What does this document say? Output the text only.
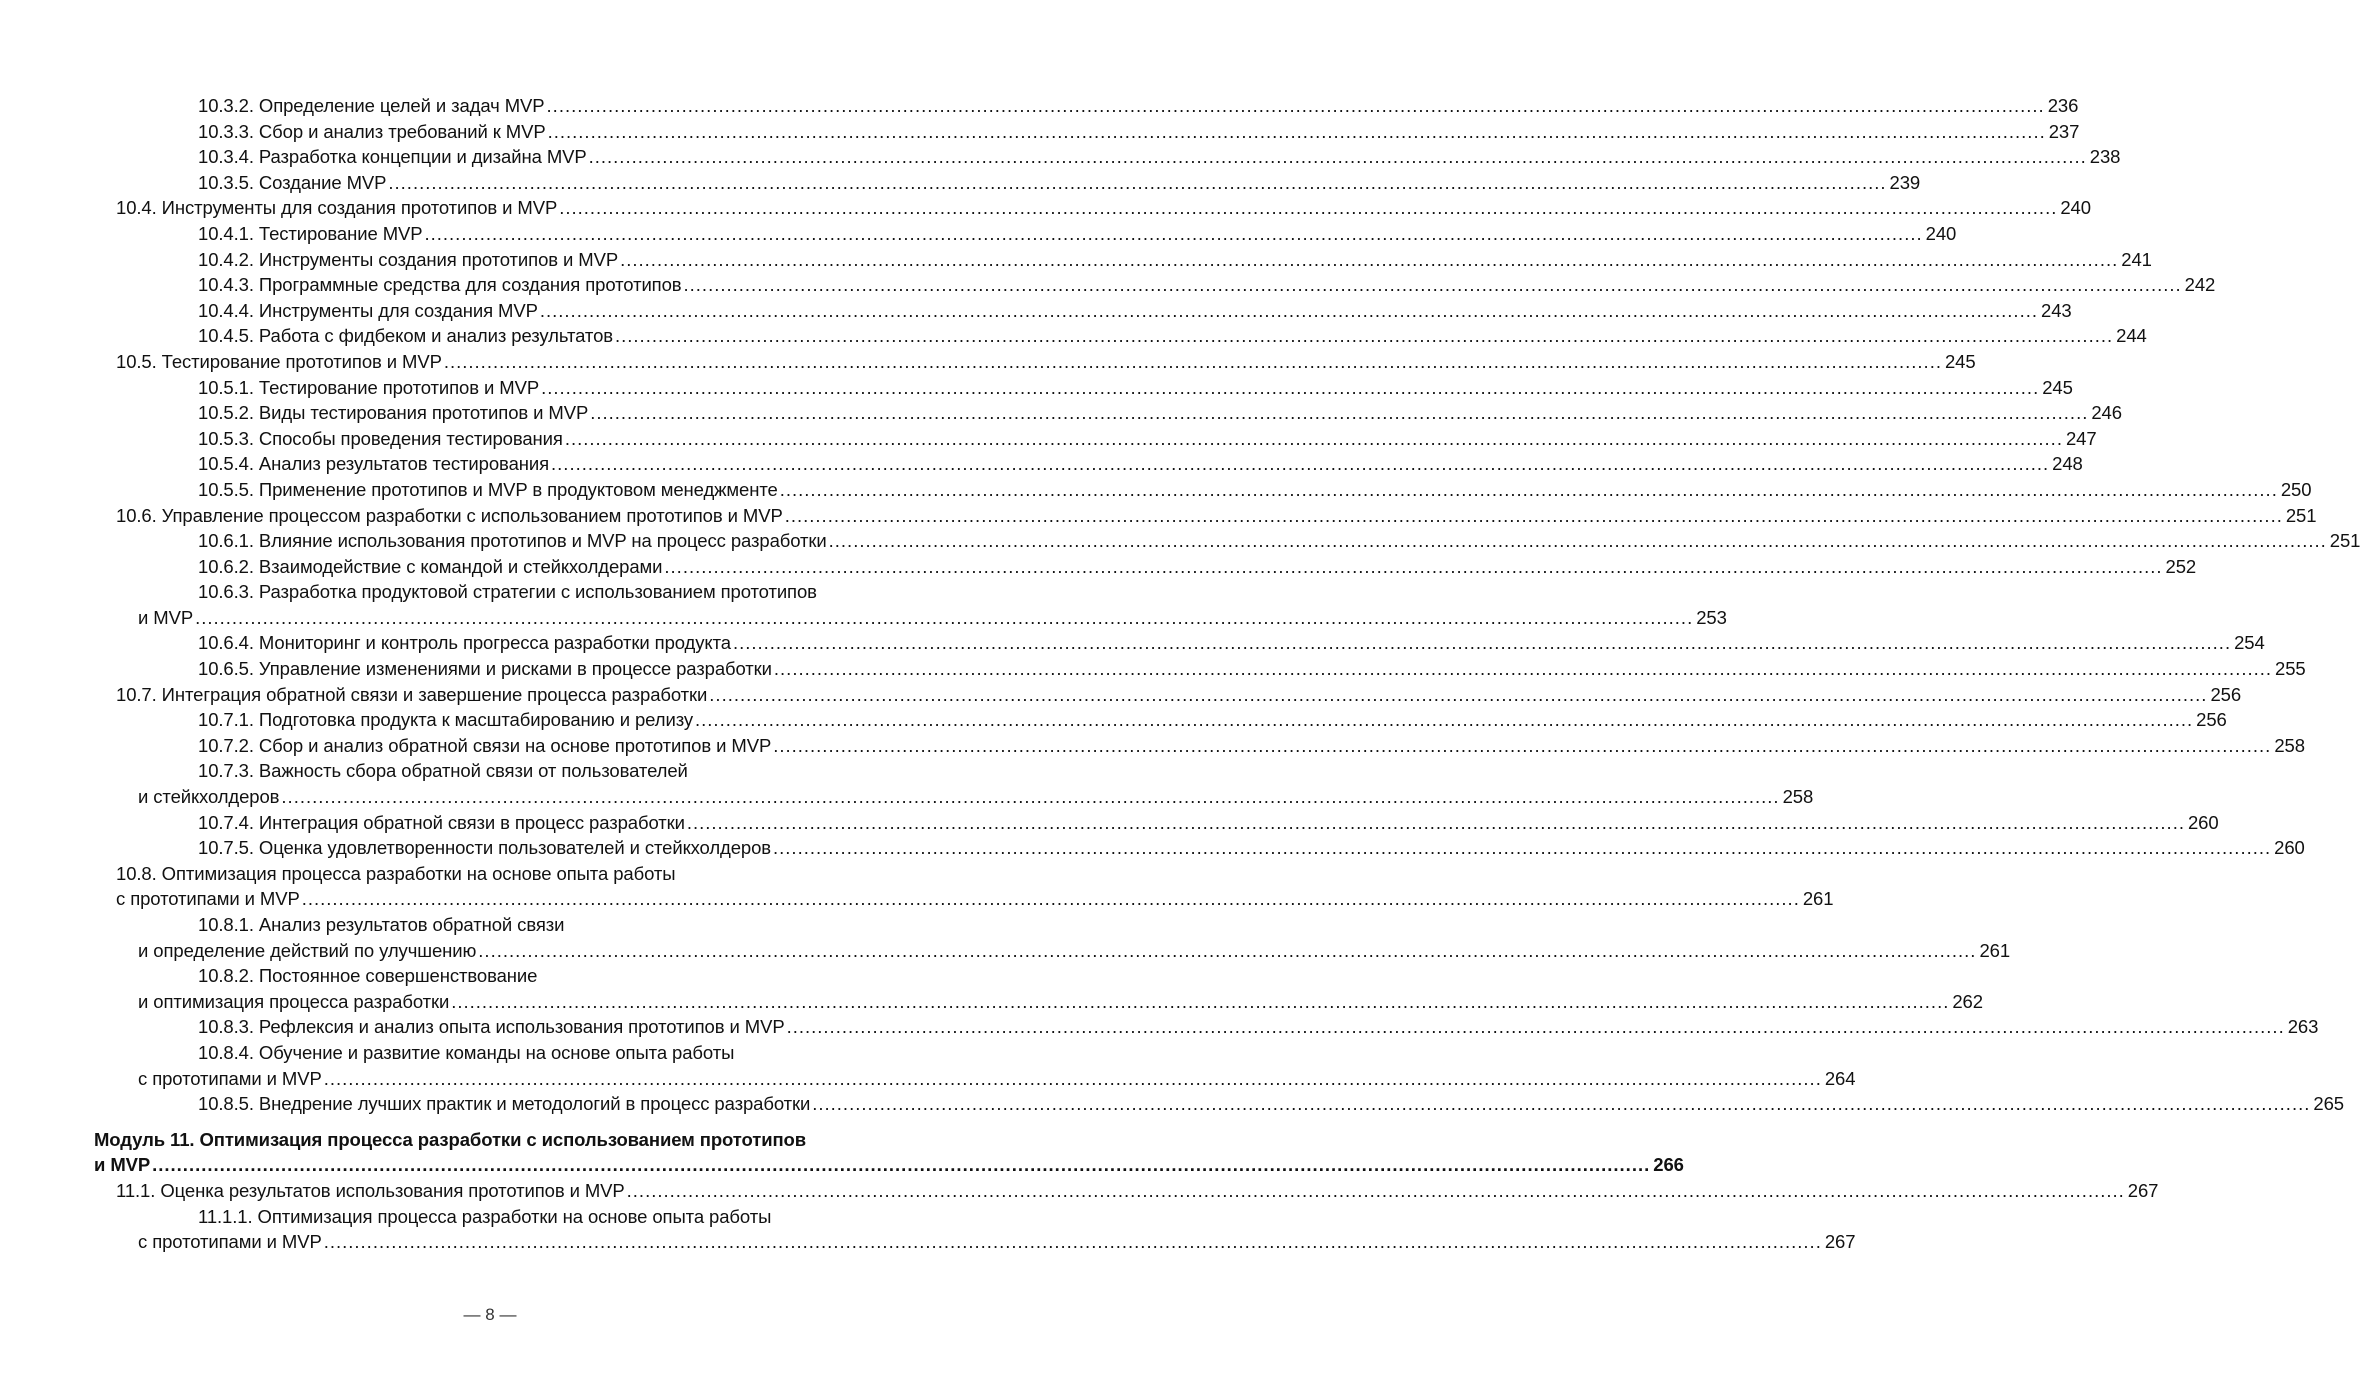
10.3.2. Определение целей и задач MVP .....	236
10.3.3. Сбор и анализ требований к MVP .....	237
10.3.4. Разработка концепции и дизайна MVP .....	238
10.3.5. Создание MVP .....	239
10.4. Инструменты для создания прототипов и MVP .....	240
10.4.1. Тестирование MVP .....	240
10.4.2. Инструменты создания прототипов и MVP .....	241
10.4.3. Программные средства для создания прототипов .....	242
10.4.4. Инструменты для создания MVP .....	243
10.4.5. Работа с фидбеком и анализ результатов .....	244
10.5. Тестирование прототипов и MVP .....	245
10.5.1. Тестирование прототипов и MVP .....	245
10.5.2. Виды тестирования прототипов и MVP .....	246
10.5.3. Способы проведения тестирования .....	247
10.5.4. Анализ результатов тестирования .....	248
10.5.5. Применение прототипов и MVP в продуктовом менеджменте .....	250
10.6. Управление процессом разработки с использованием прототипов и MVP .....	251
10.6.1. Влияние использования прототипов и MVP на процесс разработки .....	251
10.6.2. Взаимодействие с командой и стейкхолдерами .....	252
10.6.3. Разработка продуктовой стратегии с использованием прототипов
и MVP .....	253
10.6.4. Мониторинг и контроль прогресса разработки продукта .....	254
10.6.5. Управление изменениями и рисками в процессе разработки .....	255
10.7. Интеграция обратной связи и завершение процесса разработки .....	256
10.7.1. Подготовка продукта к масштабированию и релизу .....	256
10.7.2. Сбор и анализ обратной связи на основе прототипов и MVP .....	258
10.7.3. Важность сбора обратной связи от пользователей
и стейкхолдеров .....	258
10.7.4. Интеграция обратной связи в процесс разработки .....	260
10.7.5. Оценка удовлетворенности пользователей и стейкхолдеров .....	260
10.8. Оптимизация процесса разработки на основе опыта работы
с прототипами и MVP .....	261
10.8.1. Анализ результатов обратной связи
и определение действий по улучшению .....	261
10.8.2. Постоянное совершенствование
и оптимизация процесса разработки .....	262
10.8.3. Рефлексия и анализ опыта использования прототипов и MVP .....	263
10.8.4. Обучение и развитие команды на основе опыта работы
с прототипами и MVP .....	264
10.8.5. Внедрение лучших практик и методологий в процесс разработки .....	265
Модуль 11. Оптимизация процесса разработки с использованием прототипов
и MVP .....	266
11.1. Оценка результатов использования прототипов и MVP .....	267
11.1.1. Оптимизация процесса разработки на основе опыта работы
с прототипами и MVP .....	267
— 8 —
